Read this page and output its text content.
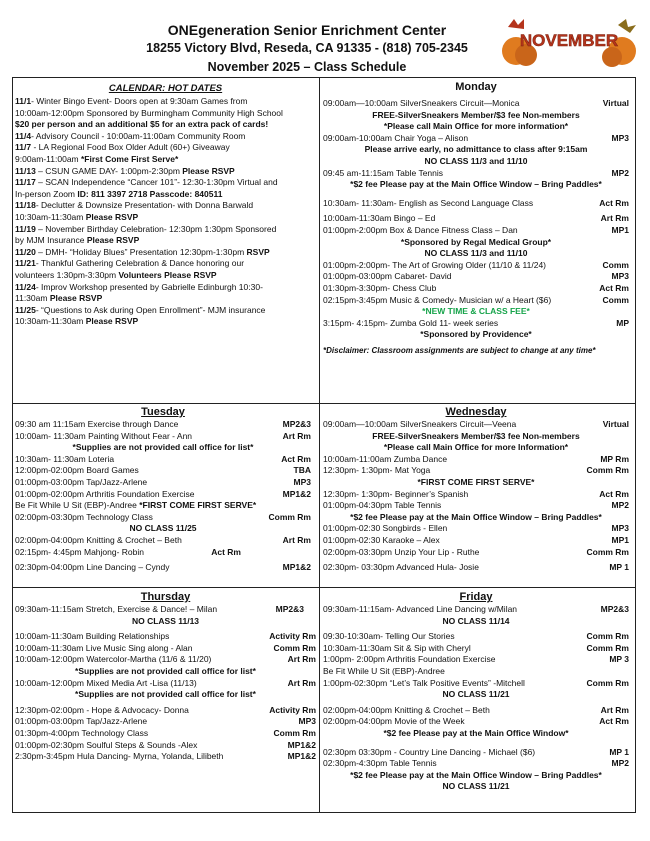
ONEgeneration Senior Enrichment Center
18255 Victory Blvd, Reseda, CA 91335 - (818) 705-2345
November 2025 – Class Schedule
NOVEMBER
CALENDAR: HOT DATES
11/1- Winter Bingo Event- Doors open at 9:30am Games from
10:00am-12:00pm Sponsored by Burmingham Community High School
$20 per person and an additional $5 for an extra pack of cards!
11/4- Advisory Council - 10:00am-11:00am Community Room
11/7 - LA Regional Food Box Older Adult (60+) Giveaway
9:00am-11:00am *First Come First Serve*
11/13 – CSUN GAME DAY- 1:00pm-2:30pm Please RSVP
11/17 – SCAN Independence “Cancer 101”- 12:30-1:30pm Virtual and
In-person Zoom ID: 811 3397 2718 Passcode: 840511
11/18- Declutter & Downsize Presentation- with Donna Barwald
10:30am-11:30am Please RSVP
11/19 – November Birthday Celebration- 12:30pm 1:30pm Sponsored
by MJM Insurance Please RSVP
11/20 – DMH- “Holiday Blues” Presentation 12:30pm-1:30pm RSVP
11/21- Thankful Gathering Celebration & Dance honoring our
volunteers 1:30pm-3:30pm Volunteers Please RSVP
11/24- Improv Workshop presented by Gabrielle Edinburgh 10:30-
11:30am Please RSVP
11/25- “Questions to Ask during Open Enrollment”- MJM insurance
10:30am-11:30am Please RSVP
Monday
09:00am—10:00am SilverSneakers Circuit—Monica	Virtual
FREE-SilverSneakers Member/$3 fee Non-members
*Please call Main Office for more information*
09:00am-10:00am Chair Yoga – Alison	MP3
Please arrive early, no admittance to class after 9:15am
NO CLASS 11/3 and 11/10
09:45 am-11:15am Table Tennis	MP2
*$2 fee Please pay at the Main Office Window – Bring Paddles*
10:30am- 11:30am- English as Second Language Class	Act Rm
10:00am-11:30am Bingo – Ed	Art Rm
01:00pm-2:00pm Box & Dance Fitness Class – Dan	MP1
*Sponsored by Regal Medical Group*
NO CLASS 11/3 and 11/10
01:00pm-2:00pm- The Art of Growing Older (11/10 & 11/24)	Comm
01:00pm-03:00pm Cabaret- David	MP3
01:30pm-3:30pm- Chess Club	Act Rm
02:15pm-3:45pm Music & Comedy- Musician w/ a Heart ($6)	Comm
*NEW TIME & CLASS FEE*
3:15pm- 4:15pm- Zumba Gold 11- week series	MP
*Sponsored by Providence*
*Disclaimer: Classroom assignments are subject to change at any time*
Tuesday
09:30 am 11:15am Exercise through Dance	MP2&3
10:00am- 11:30am Painting Without Fear - Ann	Art Rm
*Supplies are not provided call office for list*
10:30am- 11:30am Loteria	Act Rm
12:00pm-02:00pm Board Games	TBA
01:00pm-03:00pm Tap/Jazz-Arlene	MP3
01:00pm-02:00pm Arthritis Foundation Exercise	MP1&2
Be Fit While U Sit (EBP)-Andree *FIRST COME FIRST SERVE*
02:00pm-03:30pm Technology Class	Comm Rm
NO CLASS 11/25
02:00pm-04:00pm Knitting & Crochet – Beth	Art Rm
02:15pm- 4:45pm Mahjong- Robin	Act Rm
02:30pm-04:00pm Line Dancing – Cyndy	MP1&2
Wednesday
09:00am—10:00am SilverSneakers Circuit—Veena	Virtual
FREE-SilverSneakers Member/$3 fee Non-members
*Please call Main Office for more Information*
10:00am-11:00am Zumba Dance	MP Rm
12:30pm- 1:30pm- Mat Yoga	Comm Rm
*FIRST COME FIRST SERVE*
12:30pm- 1:30pm- Beginner’s Spanish	Act Rm
01:00pm-04:30pm Table Tennis	MP2
*$2 fee Please pay at the Main Office Window – Bring Paddles*
01:00pm-02:30 Songbirds - Ellen	MP3
01:00pm-02:30 Karaoke – Alex	MP1
02:00pm-03:30pm Unzip Your Lip - Ruthe	Comm Rm
02:30pm- 03:30pm Advanced Hula- Josie	MP 1
Thursday
09:30am-11:15am Stretch, Exercise & Dance! – Milan	MP2&3
NO CLASS 11/13
10:00am-11:30am Building Relationships	Activity Rm
10:00am-11:30am Live Music Sing along - Alan	Comm Rm
10:00am-12:00pm Watercolor-Martha (11/6 & 11/20)	Art Rm
*Supplies are not provided call office for list*
10:00am-12:00pm Mixed Media Art -Lisa (11/13)	Art Rm
*Supplies are not provided call office for list*
12:30pm-02:00pm - Hope & Advocacy- Donna	Activity Rm
01:00pm-03:00pm Tap/Jazz-Arlene	MP3
01:30pm-4:00pm Technology Class	Comm Rm
01:00pm-02:30pm Soulful Steps & Sounds -Alex	MP1&2
2:30pm-3:45pm Hula Dancing- Myrna, Yolanda, Lilibeth	MP1&2
Friday
09:30am-11:15am- Advanced Line Dancing w/Milan	MP2&3
NO CLASS 11/14
09:30-10:30am- Telling Our Stories	Comm Rm
10:30am-11:30am Sit & Sip with Cheryl	Comm Rm
1:00pm- 2:00pm Arthritis Foundation Exercise	MP 3
Be Fit While U Sit (EBP)-Andree
1:00pm-02:30pm “Let’s Talk Positive Events” -Mitchell	Comm Rm
NO CLASS 11/21
02:00pm-04:00pm Knitting & Crochet – Beth	Art Rm
02:00pm-04:00pm Movie of the Week	Act Rm
*$2 fee Please pay at the Main Office Window*
02:30pm 03:30pm - Country Line Dancing - Michael ($6)	MP 1
02:30pm-4:30pm Table Tennis	MP2
*$2 fee Please pay at the Main Office Window – Bring Paddles*
NO CLASS 11/21
